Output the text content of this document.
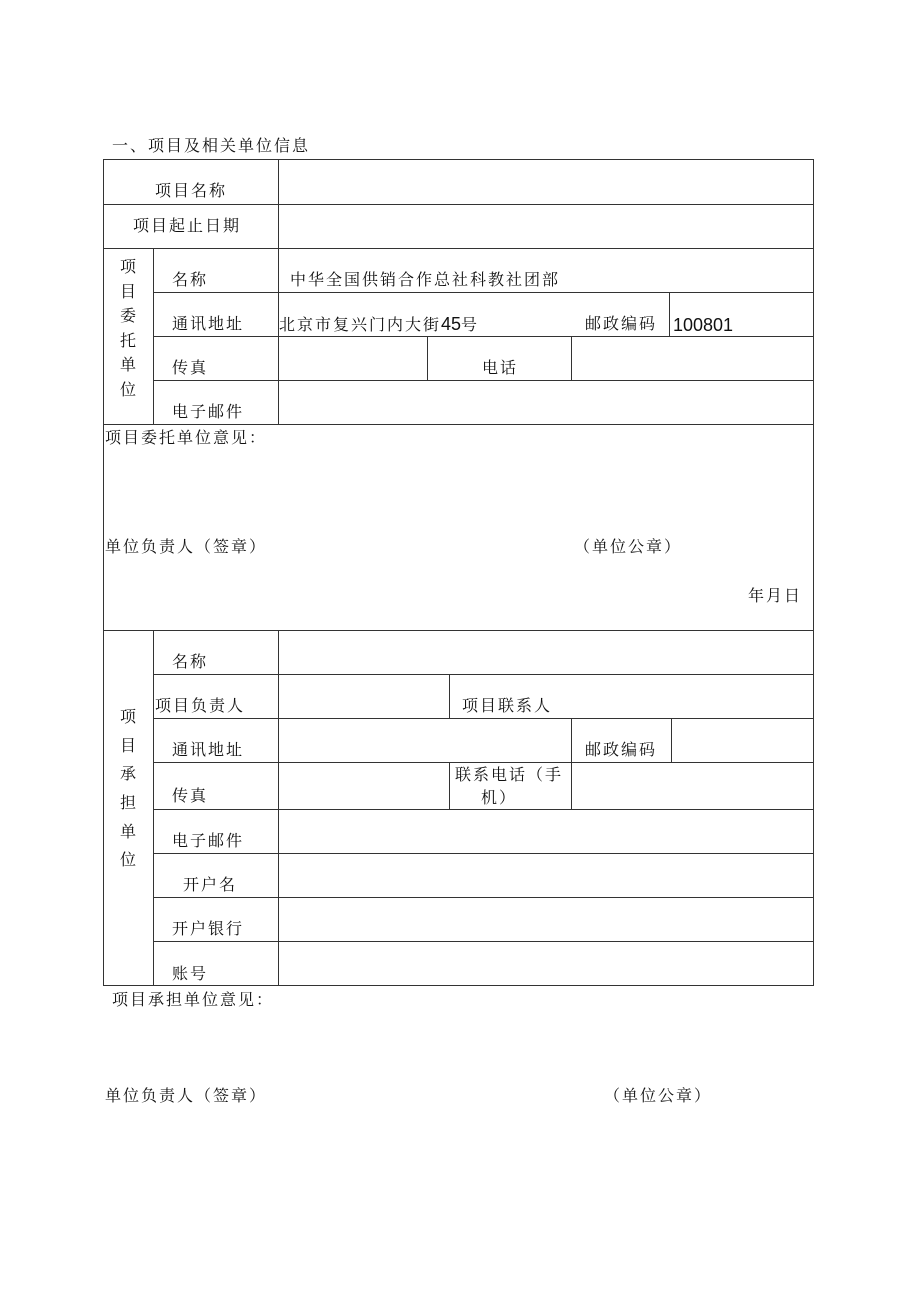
一、项目及相关单位信息
项目名称
项目起止日期
项
目
委
托
单
位
名称	中华全国供销合作总社科教社团部
通讯地址 北京市复兴门内大街45号	邮政编码 100801
传真	电话
电子邮件
项目委托单位意见：
单位负责人（签章）	（单位公章）
年月日
项
目
承
担
单
位
名称
项目负责人	项目联系人
通讯地址	邮政编码
传真
联系电话（手
机）
电子邮件
开户名
开户银行
账号
项目承担单位意见：
单位负责人（签章）	（单位公章）
